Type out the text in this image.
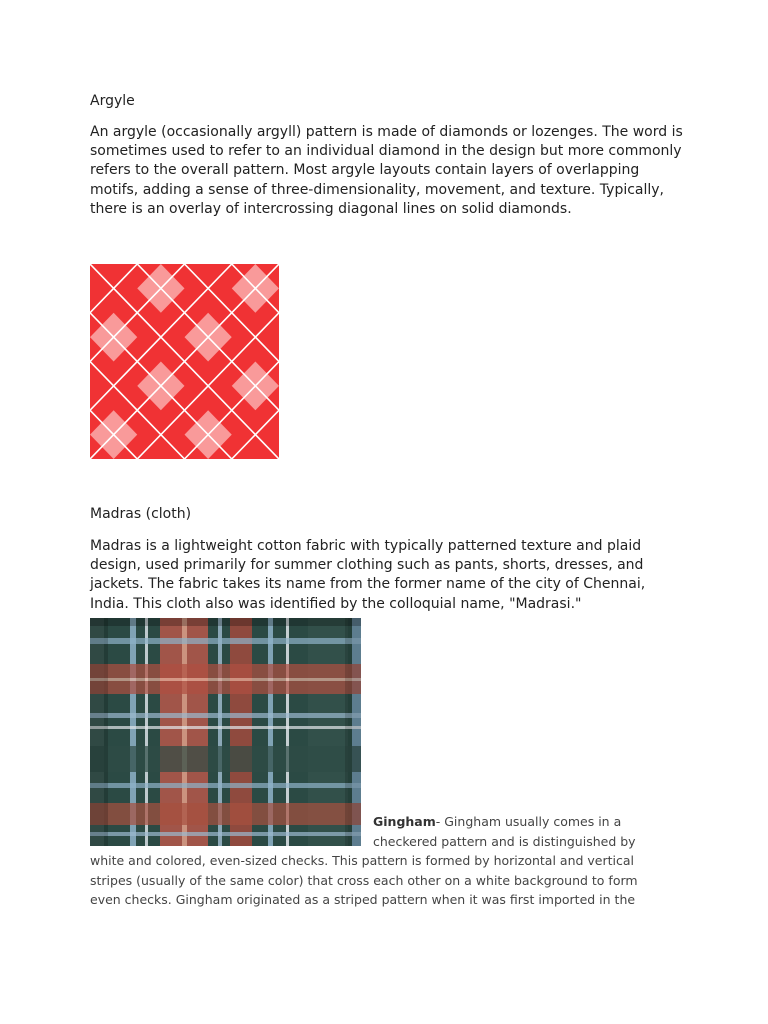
Argyle

An argyle (occasionally argyll) pattern is made of diamonds or lozenges. The word is
sometimes used to refer to an individual diamond in the design but more commonly
refers to the overall pattern. Most argyle layouts contain layers of overlapping
motifs, adding a sense of three-dimensionality, movement, and texture. Typically,
there is an overlay of intercrossing diagonal lines on solid diamonds.

Madras (cloth)

Madras is a lightweight cotton fabric with typically patterned texture and plaid
design, used primarily for summer clothing such as pants, shorts, dresses, and
jackets. The fabric takes its name from the former name of the city of Chennai,
India. This cloth also was identified by the colloquial name, "Madrasi."

Gingham- Gingham usually comes in a
checkered pattern and is distinguished by
white and colored, even-sized checks. This pattern is formed by horizontal and vertical
stripes (usually of the same color) that cross each other on a white background to form
even checks. Gingham originated as a striped pattern when it was first imported in the
